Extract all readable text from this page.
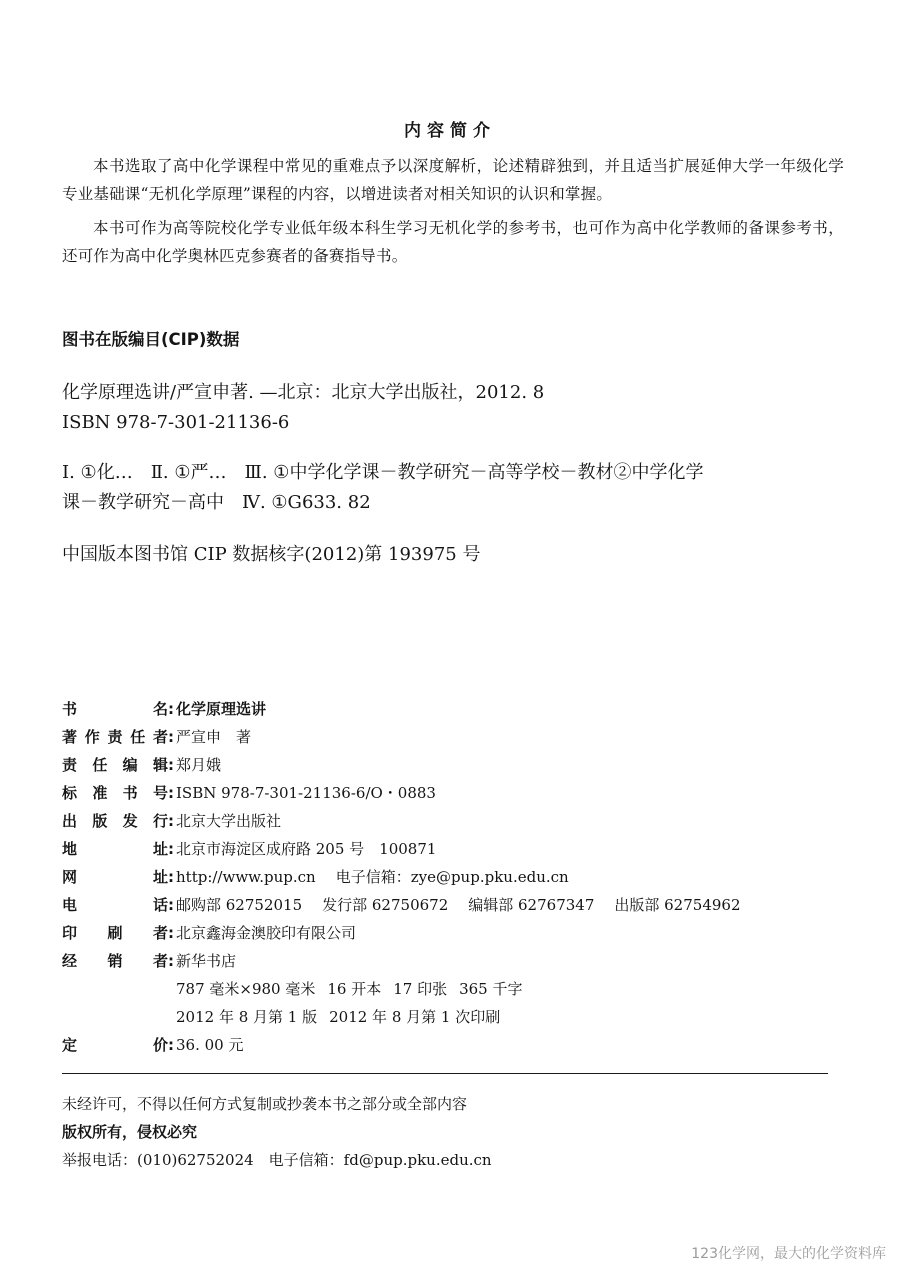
内容简介
本书选取了高中化学课程中常见的重难点予以深度解析，论述精辟独到，并且适当扩展延伸大学一年级化学专业基础课“无机化学原理”课程的内容，以增进读者对相关知识的认识和掌握。
本书可作为高等院校化学专业低年级本科生学习无机化学的参考书，也可作为高中化学教师的备课参考书，还可作为高中化学奥林匹克参赛者的备赛指导书。
图书在版编目(CIP)数据
化学原理选讲/严宣申著. —北京：北京大学出版社，2012. 8
ISBN 978-7-301-21136-6
Ⅰ. ①化…　Ⅱ. ①严…　Ⅲ. ①中学化学课－教学研究－高等学校－教材②中学化学
课－教学研究－高中　Ⅳ. ①G633. 82
中国版本图书馆 CIP 数据核字(2012)第 193975 号
书名: 化学原理选讲
著作责任者: 严宣申　著
责任编辑: 郑月娥
标准书号: ISBN 978-7-301-21136-6/O・0883
出版发行: 北京大学出版社
地址: 北京市海淀区成府路 205 号　100871
网址: http://www.pup.cn 电子信箱：zye@pup.pku.edu.cn
电话: 邮购部 62752015 发行部 62750672 编辑部 62767347 出版部 62754962
印刷者: 北京鑫海金澳胶印有限公司
经销者: 新华书店
787 毫米×980 毫米 16 开本 17 印张 365 千字
2012 年 8 月第 1 版 2012 年 8 月第 1 次印刷
定价: 36. 00 元
未经许可，不得以任何方式复制或抄袭本书之部分或全部内容
版权所有，侵权必究
举报电话：(010)62752024　电子信箱：fd@pup.pku.edu.cn
123化学网，最大的化学资料库
